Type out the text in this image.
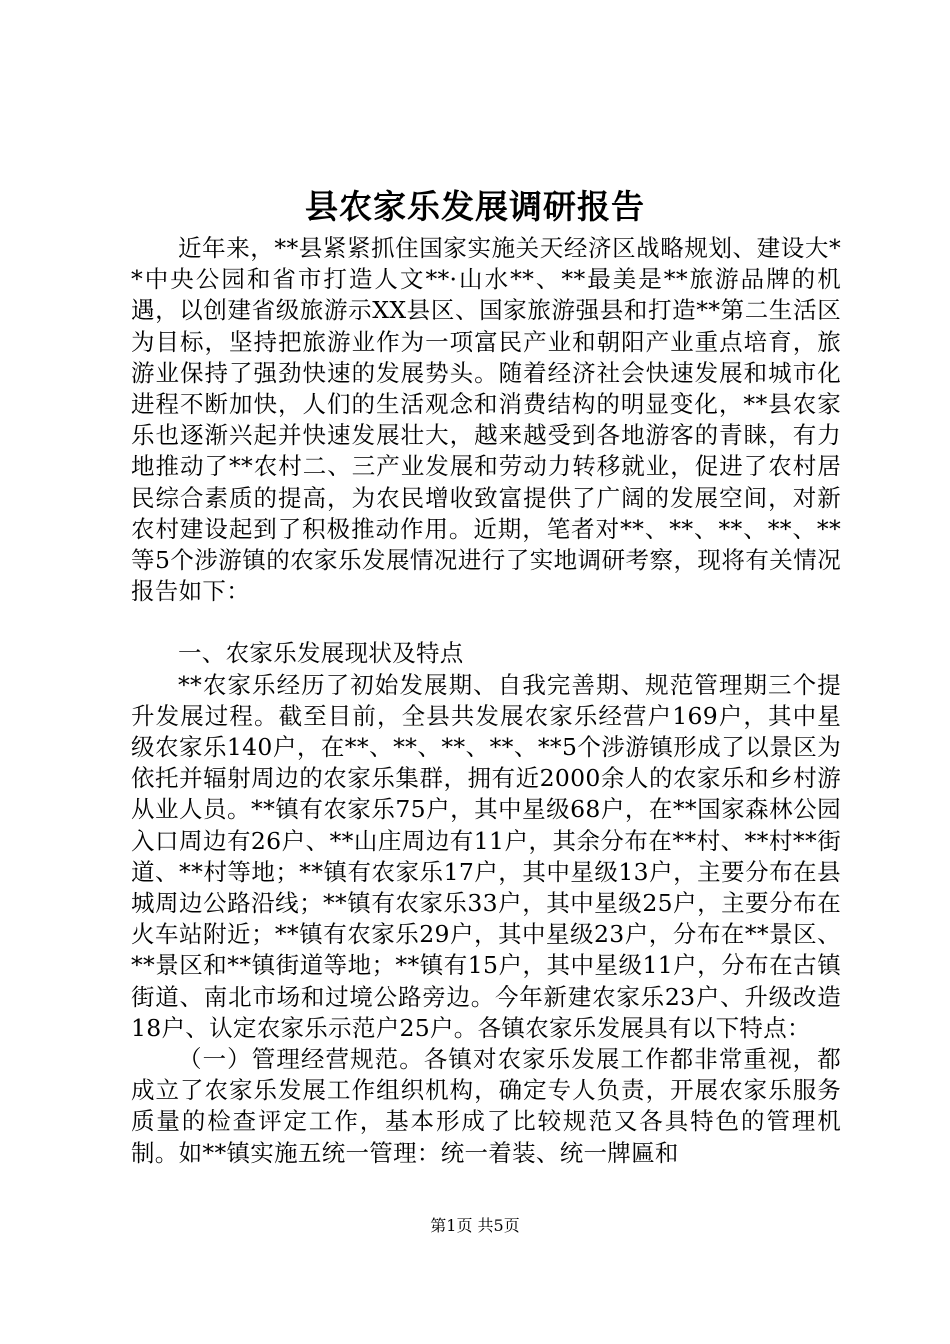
县农家乐发展调研报告

近年来，**县紧紧抓住国家实施关天经济区战略规划、建设大**中央公园和省市打造人文**·山水**、**最美是**旅游品牌的机遇，以创建省级旅游示XX县区、国家旅游强县和打造**第二生活区为目标，坚持把旅游业作为一项富民产业和朝阳产业重点培育，旅游业保持了强劲快速的发展势头。随着经济社会快速发展和城市化进程不断加快，人们的生活观念和消费结构的明显变化，**县农家乐也逐渐兴起并快速发展壮大，越来越受到各地游客的青睐，有力地推动了**农村二、三产业发展和劳动力转移就业，促进了农村居民综合素质的提高，为农民增收致富提供了广阔的发展空间，对新农村建设起到了积极推动作用。近期，笔者对**、**、**、**、**等5个涉游镇的农家乐发展情况进行了实地调研考察，现将有关情况报告如下：

一、农家乐发展现状及特点

**农家乐经历了初始发展期、自我完善期、规范管理期三个提升发展过程。截至目前，全县共发展农家乐经营户169户，其中星级农家乐140户，在**、**、**、**、**5个涉游镇形成了以景区为依托并辐射周边的农家乐集群，拥有近2000余人的农家乐和乡村游从业人员。**镇有农家乐75户，其中星级68户，在**国家森林公园入口周边有26户、**山庄周边有11户，其余分布在**村、**村**街道、**村等地；**镇有农家乐17户，其中星级13户，主要分布在县城周边公路沿线；**镇有农家乐33户，其中星级25户，主要分布在火车站附近；**镇有农家乐29户，其中星级23户，分布在**景区、**景区和**镇街道等地；**镇有15户，其中星级11户，分布在古镇街道、南北市场和过境公路旁边。今年新建农家乐23户、升级改造18户、认定农家乐示范户25户。各镇农家乐发展具有以下特点：

（一）管理经营规范。各镇对农家乐发展工作都非常重视，都成立了农家乐发展工作组织机构，确定专人负责，开展农家乐服务质量的检查评定工作，基本形成了比较规范又各具特色的管理机制。如**镇实施五统一管理：统一着装、统一牌匾和

第1页 共5页
